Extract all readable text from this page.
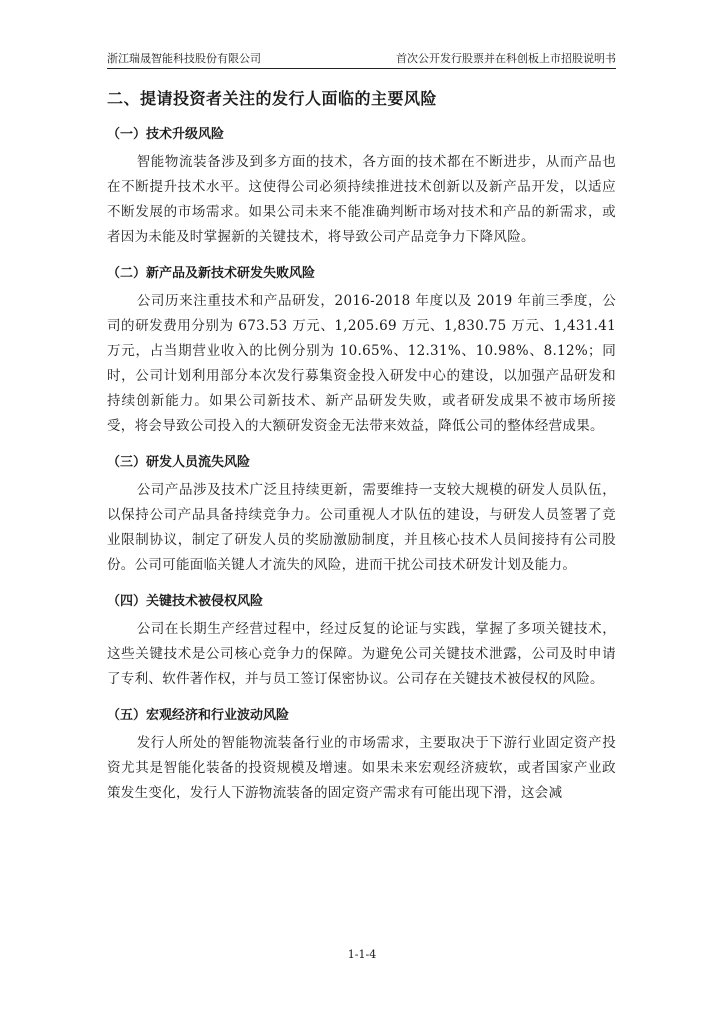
浙江瑞晟智能科技股份有限公司	首次公开发行股票并在科创板上市招股说明书
二、提请投资者关注的发行人面临的主要风险
（一）技术升级风险

智能物流装备涉及到多方面的技术，各方面的技术都在不断进步，从而产品也在不断提升技术水平。这使得公司必须持续推进技术创新以及新产品开发，以适应不断发展的市场需求。如果公司未来不能准确判断市场对技术和产品的新需求，或者因为未能及时掌握新的关键技术，将导致公司产品竞争力下降风险。

（二）新产品及新技术研发失败风险

公司历来注重技术和产品研发，2016-2018 年度以及 2019 年前三季度，公司的研发费用分别为 673.53 万元、1,205.69 万元、1,830.75 万元、1,431.41 万元，占当期营业收入的比例分别为 10.65%、12.31%、10.98%、8.12%；同时，公司计划利用部分本次发行募集资金投入研发中心的建设，以加强产品研发和持续创新能力。如果公司新技术、新产品研发失败，或者研发成果不被市场所接受，将会导致公司投入的大额研发资金无法带来效益，降低公司的整体经营成果。

（三）研发人员流失风险

公司产品涉及技术广泛且持续更新，需要维持一支较大规模的研发人员队伍，以保持公司产品具备持续竞争力。公司重视人才队伍的建设，与研发人员签署了竞业限制协议，制定了研发人员的奖励激励制度，并且核心技术人员间接持有公司股份。公司可能面临关键人才流失的风险，进而干扰公司技术研发计划及能力。

（四）关键技术被侵权风险

公司在长期生产经营过程中，经过反复的论证与实践，掌握了多项关键技术，这些关键技术是公司核心竞争力的保障。为避免公司关键技术泄露，公司及时申请了专利、软件著作权，并与员工签订保密协议。公司存在关键技术被侵权的风险。

（五）宏观经济和行业波动风险

发行人所处的智能物流装备行业的市场需求，主要取决于下游行业固定资产投资尤其是智能化装备的投资规模及增速。如果未来宏观经济疲软，或者国家产业政策发生变化，发行人下游物流装备的固定资产需求有可能出现下滑，这会减

1-1-4
